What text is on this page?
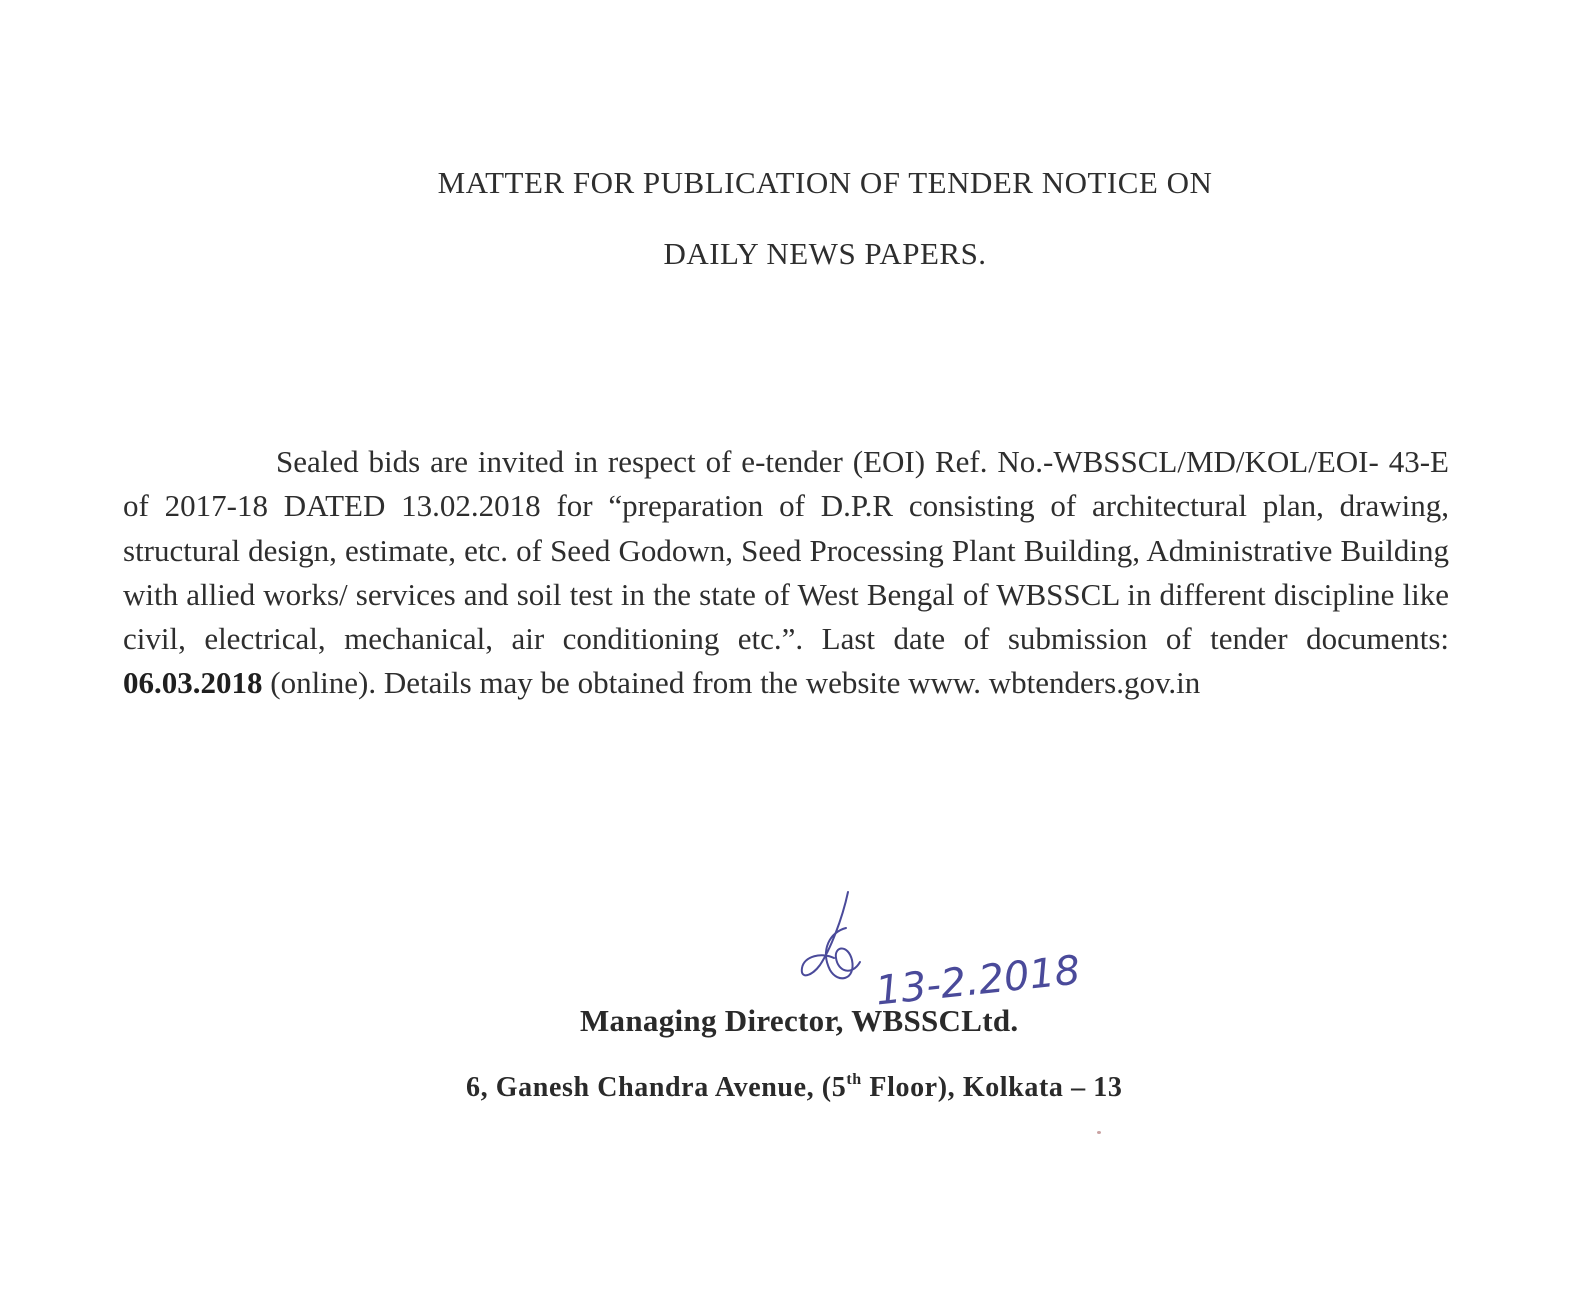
MATTER FOR PUBLICATION OF TENDER NOTICE ON
DAILY NEWS PAPERS.

Sealed bids are invited in respect of e-tender (EOI) Ref. No.-WBSSCL/MD/KOL/EOI- 43-E of 2017-18 DATED 13.02.2018 for “preparation of D.P.R consisting of architectural plan, drawing, structural design, estimate, etc. of Seed Godown, Seed Processing Plant Building, Administrative Building with allied works/ services and soil test in the state of West Bengal of WBSSCL in different discipline like civil, electrical, mechanical, air conditioning etc.”. Last date of submission of tender documents: 06.03.2018 (online). Details may be obtained from the website www. wbtenders.gov.in

13-2.2018
Managing Director, WBSSCLtd.
6, Ganesh Chandra Avenue, (5th Floor), Kolkata – 13
